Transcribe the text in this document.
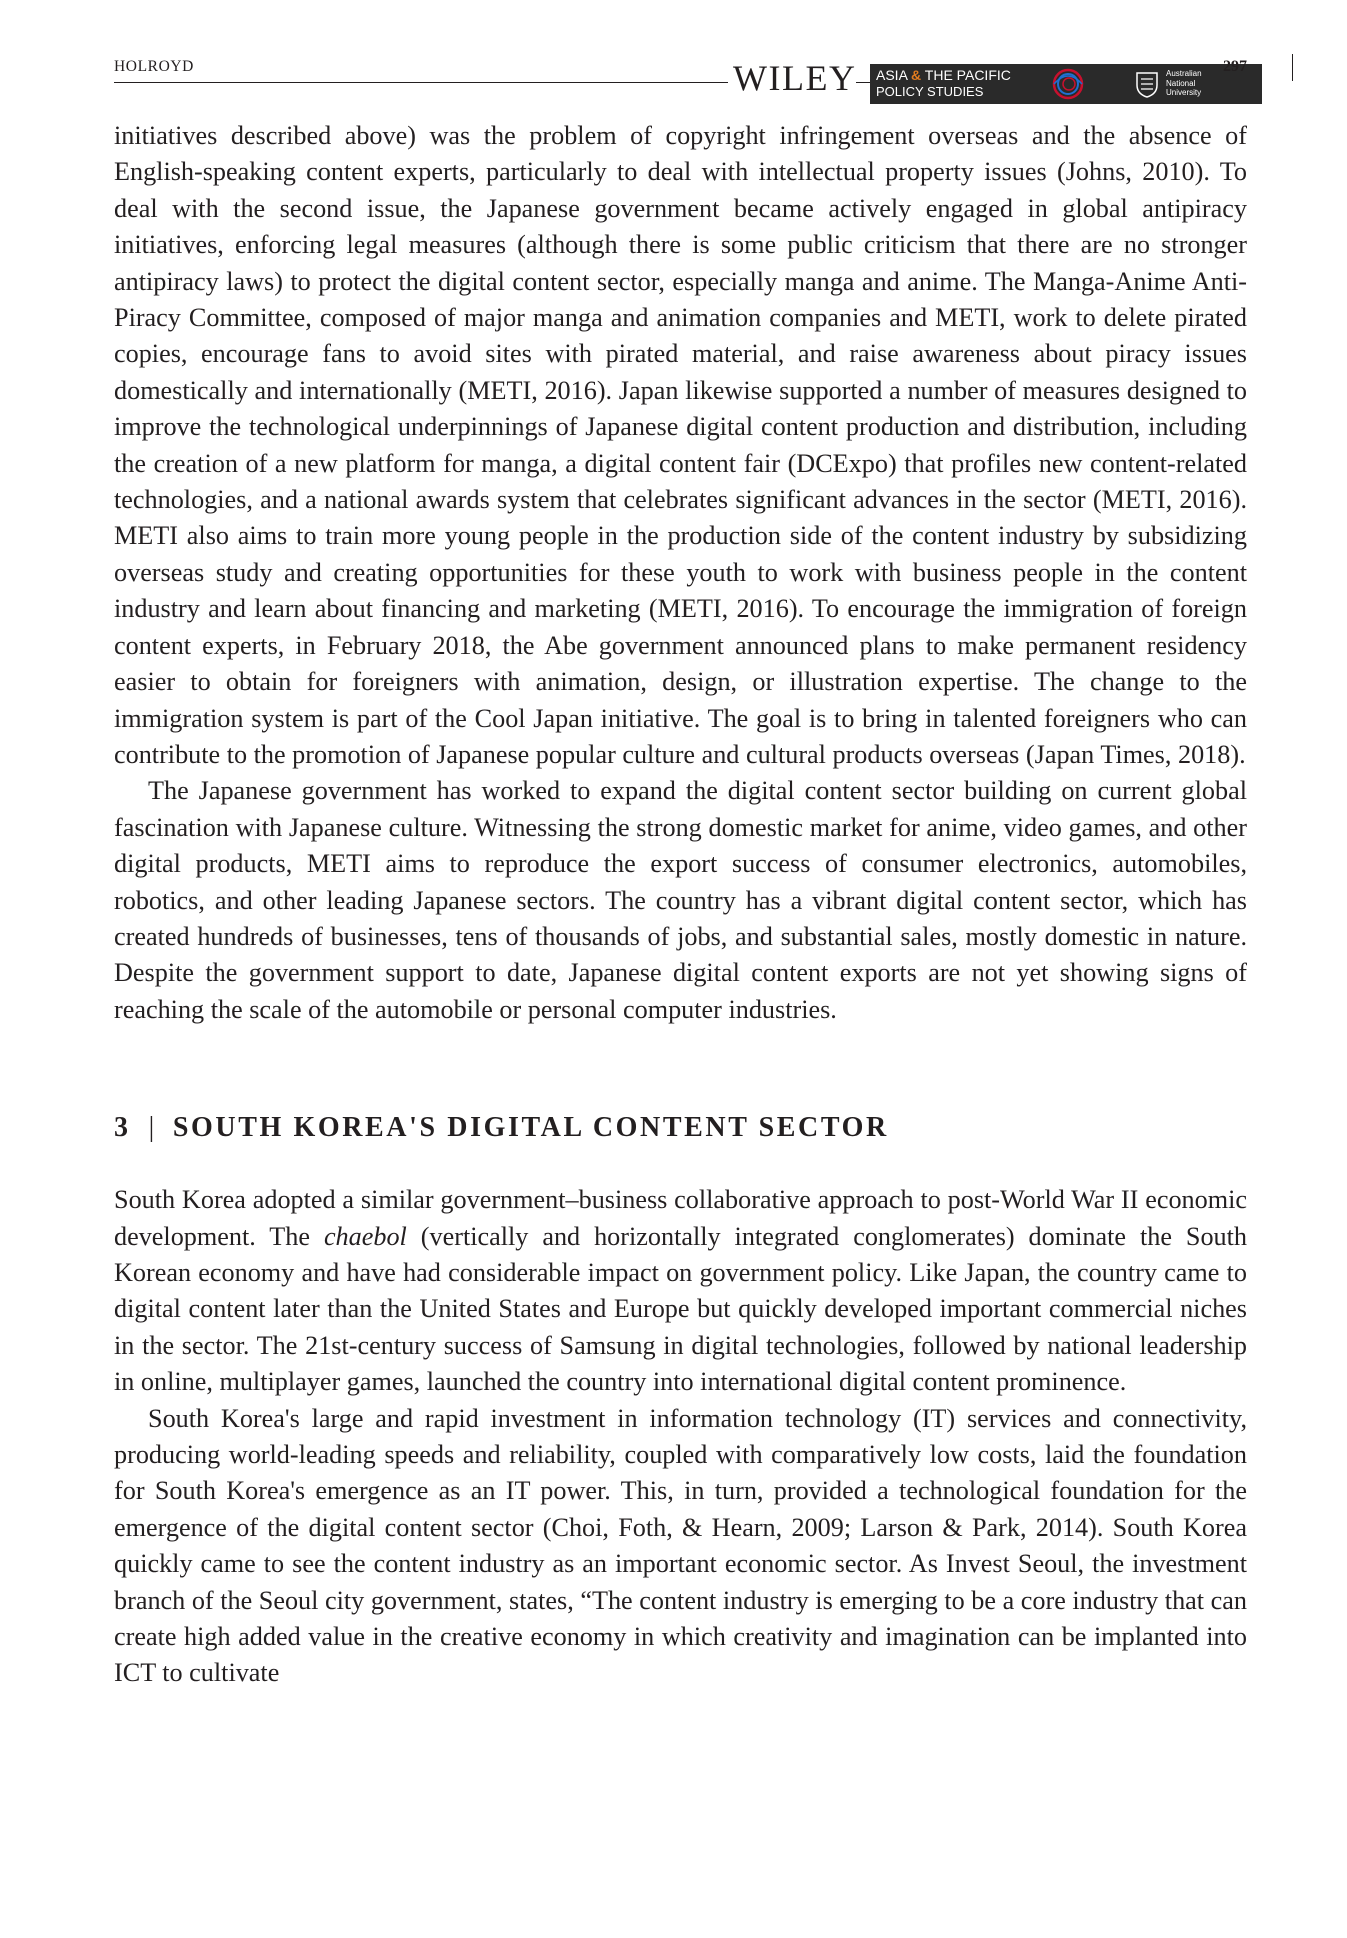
HOLROYD	WILEY ASIA & THE PACIFIC
POLICY STUDIES
Australian
National
University
297

initiatives described above) was the problem of copyright infringement overseas and the absence of English-speaking content experts, particularly to deal with intellectual property issues (Johns, 2010). To deal with the second issue, the Japanese government became actively engaged in global antipiracy initiatives, enforcing legal measures (although there is some public criticism that there are no stronger antipiracy laws) to protect the digital content sector, especially manga and anime. The Manga-Anime Anti-Piracy Committee, composed of major manga and animation companies and METI, work to delete pirated copies, encourage fans to avoid sites with pirated material, and raise awareness about piracy issues domestically and internationally (METI, 2016). Japan likewise supported a number of measures designed to improve the technological underpinnings of Japanese digital content production and distribution, including the creation of a new platform for manga, a digital content fair (DCExpo) that profiles new content-related technologies, and a national awards system that celebrates significant advances in the sector (METI, 2016). METI also aims to train more young people in the production side of the content industry by subsidizing overseas study and creating opportunities for these youth to work with business people in the content industry and learn about financing and marketing (METI, 2016). To encourage the immigration of foreign content experts, in February 2018, the Abe government announced plans to make permanent residency easier to obtain for foreigners with animation, design, or illustration expertise. The change to the immigration system is part of the Cool Japan initiative. The goal is to bring in talented foreigners who can contribute to the promotion of Japanese popular culture and cultural products overseas (Japan Times, 2018).

The Japanese government has worked to expand the digital content sector building on current global fascination with Japanese culture. Witnessing the strong domestic market for anime, video games, and other digital products, METI aims to reproduce the export success of consumer electronics, automobiles, robotics, and other leading Japanese sectors. The country has a vibrant digital content sector, which has created hundreds of businesses, tens of thousands of jobs, and substantial sales, mostly domestic in nature. Despite the government support to date, Japanese digital content exports are not yet showing signs of reaching the scale of the automobile or personal computer industries.

3 | SOUTH KOREA'S DIGITAL CONTENT SECTOR

South Korea adopted a similar government–business collaborative approach to post-World War II economic development. The chaebol (vertically and horizontally integrated conglomerates) dominate the South Korean economy and have had considerable impact on government policy. Like Japan, the country came to digital content later than the United States and Europe but quickly developed important commercial niches in the sector. The 21st-century success of Samsung in digital technologies, followed by national leadership in online, multiplayer games, launched the country into international digital content prominence.

South Korea's large and rapid investment in information technology (IT) services and connectivity, producing world-leading speeds and reliability, coupled with comparatively low costs, laid the foundation for South Korea's emergence as an IT power. This, in turn, provided a technological foundation for the emergence of the digital content sector (Choi, Foth, & Hearn, 2009; Larson & Park, 2014). South Korea quickly came to see the content industry as an important economic sector. As Invest Seoul, the investment branch of the Seoul city government, states, “The content industry is emerging to be a core industry that can create high added value in the creative economy in which creativity and imagination can be implanted into ICT to cultivate
